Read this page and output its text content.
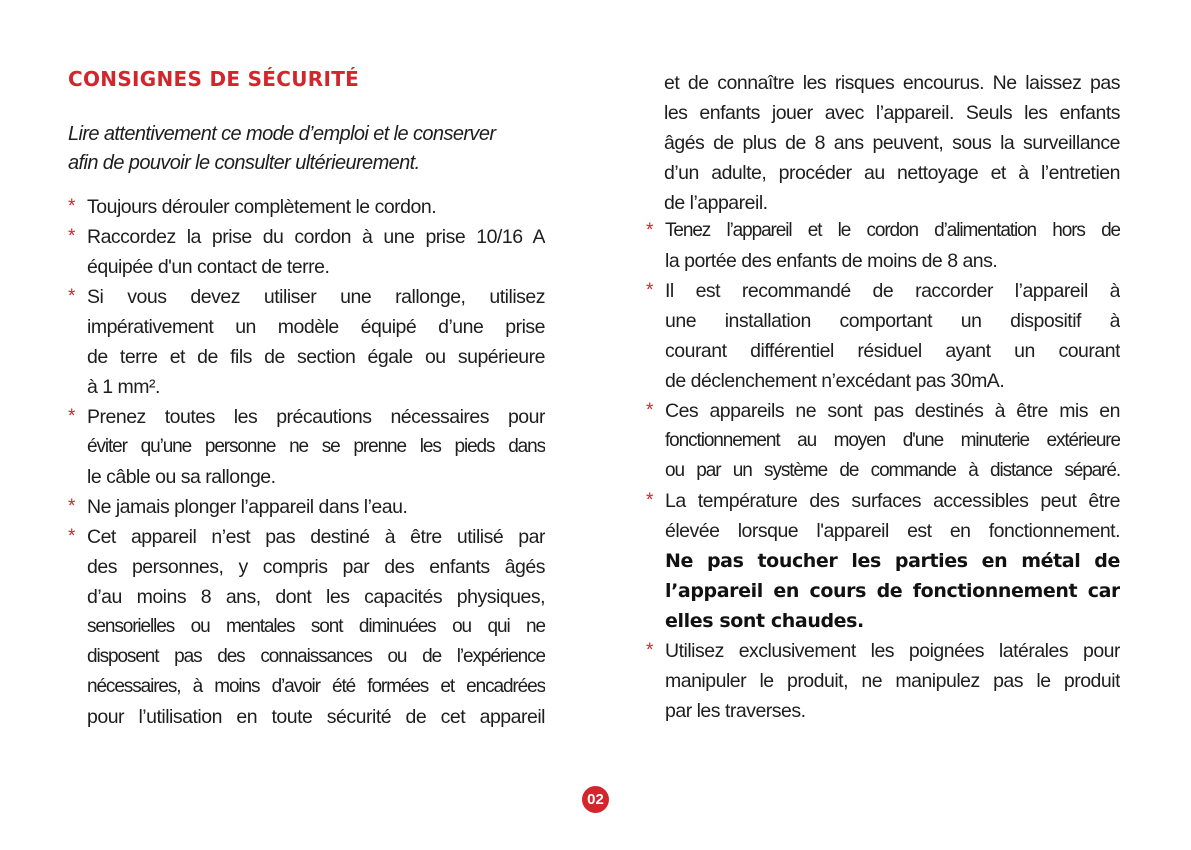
CONSIGNES DE SÉCURITÉ
Lire attentivement ce mode d’emploi et le conserver
afin de pouvoir le consulter ultérieurement.
* Toujours dérouler complètement le cordon.
* Raccordez la prise du cordon à une prise 10/16 A
équipée d'un contact de terre.
* Si vous devez utiliser une rallonge, utilisez
impérativement un modèle équipé d’une prise
de terre et de fils de section égale ou supérieure
à 1 mm².
* Prenez toutes les précautions nécessaires pour
éviter qu’une personne ne se prenne les pieds dans
le câble ou sa rallonge.
* Ne jamais plonger l’appareil dans l’eau.
* Cet appareil n’est pas destiné à être utilisé par
des personnes, y compris par des enfants âgés
d’au moins 8 ans, dont les capacités physiques,
sensorielles ou mentales sont diminuées ou qui ne
disposent pas des connaissances ou de l’expérience
nécessaires, à moins d’avoir été formées et encadrées
pour l’utilisation en toute sécurité de cet appareil
et de connaître les risques encourus. Ne laissez pas
les enfants jouer avec l’appareil. Seuls les enfants
âgés de plus de 8 ans peuvent, sous la surveillance
d’un adulte, procéder au nettoyage et à l’entretien
de l’appareil.
* Tenez l’appareil et le cordon d’alimentation hors de
la portée des enfants de moins de 8 ans.
* Il est recommandé de raccorder l’appareil à
une installation comportant un dispositif à
courant différentiel résiduel ayant un courant
de déclenchement n’excédant pas 30mA.
* Ces appareils ne sont pas destinés à être mis en
fonctionnement au moyen d'une minuterie extérieure
ou par un système de commande à distance séparé.
* La température des surfaces accessibles peut être
élevée lorsque l'appareil est en fonctionnement.
Ne pas toucher les parties en métal de
l’appareil en cours de fonctionnement car
elles sont chaudes.
* Utilisez exclusivement les poignées latérales pour
manipuler le produit, ne manipulez pas le produit
par les traverses.
02
